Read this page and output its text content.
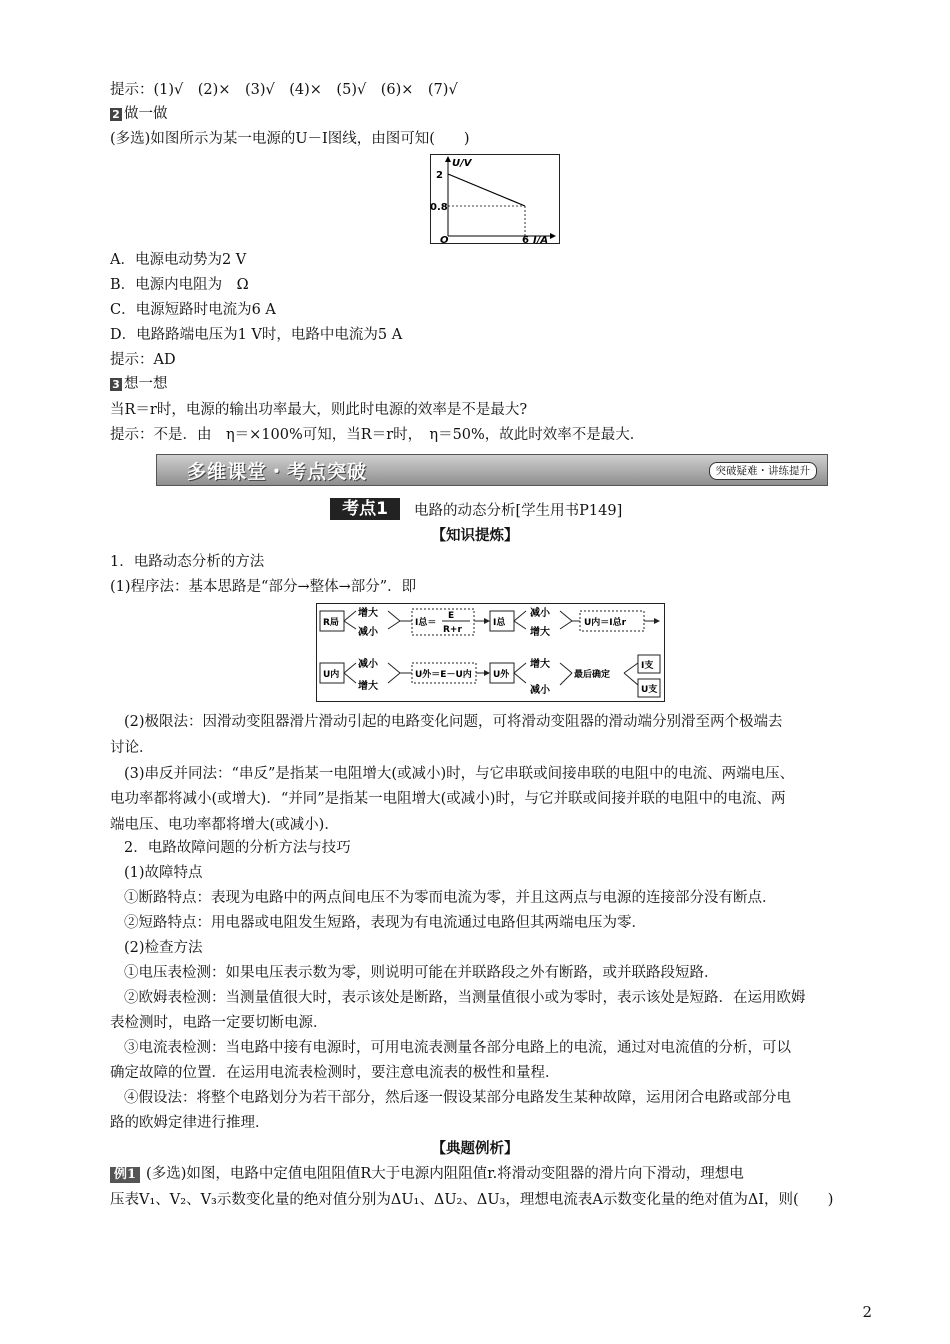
提示：(1)√　(2)×　(3)√　(4)×　(5)√　(6)×　(7)√
2 做一做
(多选)如图所示为某一电源的U－I图线，由图可知(　　)
U/V
2
0.8
O	6 I/A
A．电源电动势为2 V
B．电源内电阻为　Ω
C．电源短路时电流为6 A
D．电路路端电压为1 V时，电路中电流为5 A
提示：AD
3 想一想
当R＝r时，电源的输出功率最大，则此时电源的效率是不是最大?
提示：不是．由　η＝×100%可知，当R＝r时，　η＝50%，故此时效率不是最大．
多维课堂・考点突破	突破疑难・讲练提升
考点1	电路的动态分析[学生用书P149]
【知识提炼】
1．电路动态分析的方法
(1)程序法：基本思路是“部分→整体→部分”．即
R局
增大
减小
I总＝
E
R+r
I总
减小
增大
U内＝I总r
U内
减小
增大
U外＝E－U内 U外
增大
减小
最后确定
I支
U支
(2)极限法：因滑动变阻器滑片滑动引起的电路变化问题，可将滑动变阻器的滑动端分别滑至两个极端去
讨论．
(3)串反并同法：“串反”是指某一电阻增大(或减小)时，与它串联或间接串联的电阻中的电流、两端电压、
电功率都将减小(或增大)．“并同”是指某一电阻增大(或减小)时，与它并联或间接并联的电阻中的电流、两
端电压、电功率都将增大(或减小)．
2．电路故障问题的分析方法与技巧
(1)故障特点
①断路特点：表现为电路中的两点间电压不为零而电流为零，并且这两点与电源的连接部分没有断点．
②短路特点：用电器或电阻发生短路，表现为有电流通过电路但其两端电压为零．
(2)检查方法
①电压表检测：如果电压表示数为零，则说明可能在并联路段之外有断路，或并联路段短路．
②欧姆表检测：当测量值很大时，表示该处是断路，当测量值很小或为零时，表示该处是短路．在运用欧姆
表检测时，电路一定要切断电源．
③电流表检测：当电路中接有电源时，可用电流表测量各部分电路上的电流，通过对电流值的分析，可以
确定故障的位置．在运用电流表检测时，要注意电流表的极性和量程．
④假设法：将整个电路划分为若干部分，然后逐一假设某部分电路发生某种故障，运用闭合电路或部分电
路的欧姆定律进行推理．
【典题例析】
例1 (多选)如图，电路中定值电阻阻值R大于电源内阻阻值r.将滑动变阻器的滑片向下滑动，理想电
压表V₁、V₂、V₃示数变化量的绝对值分别为ΔU₁、ΔU₂、ΔU₃，理想电流表A示数变化量的绝对值为ΔI，则(　　)
2
